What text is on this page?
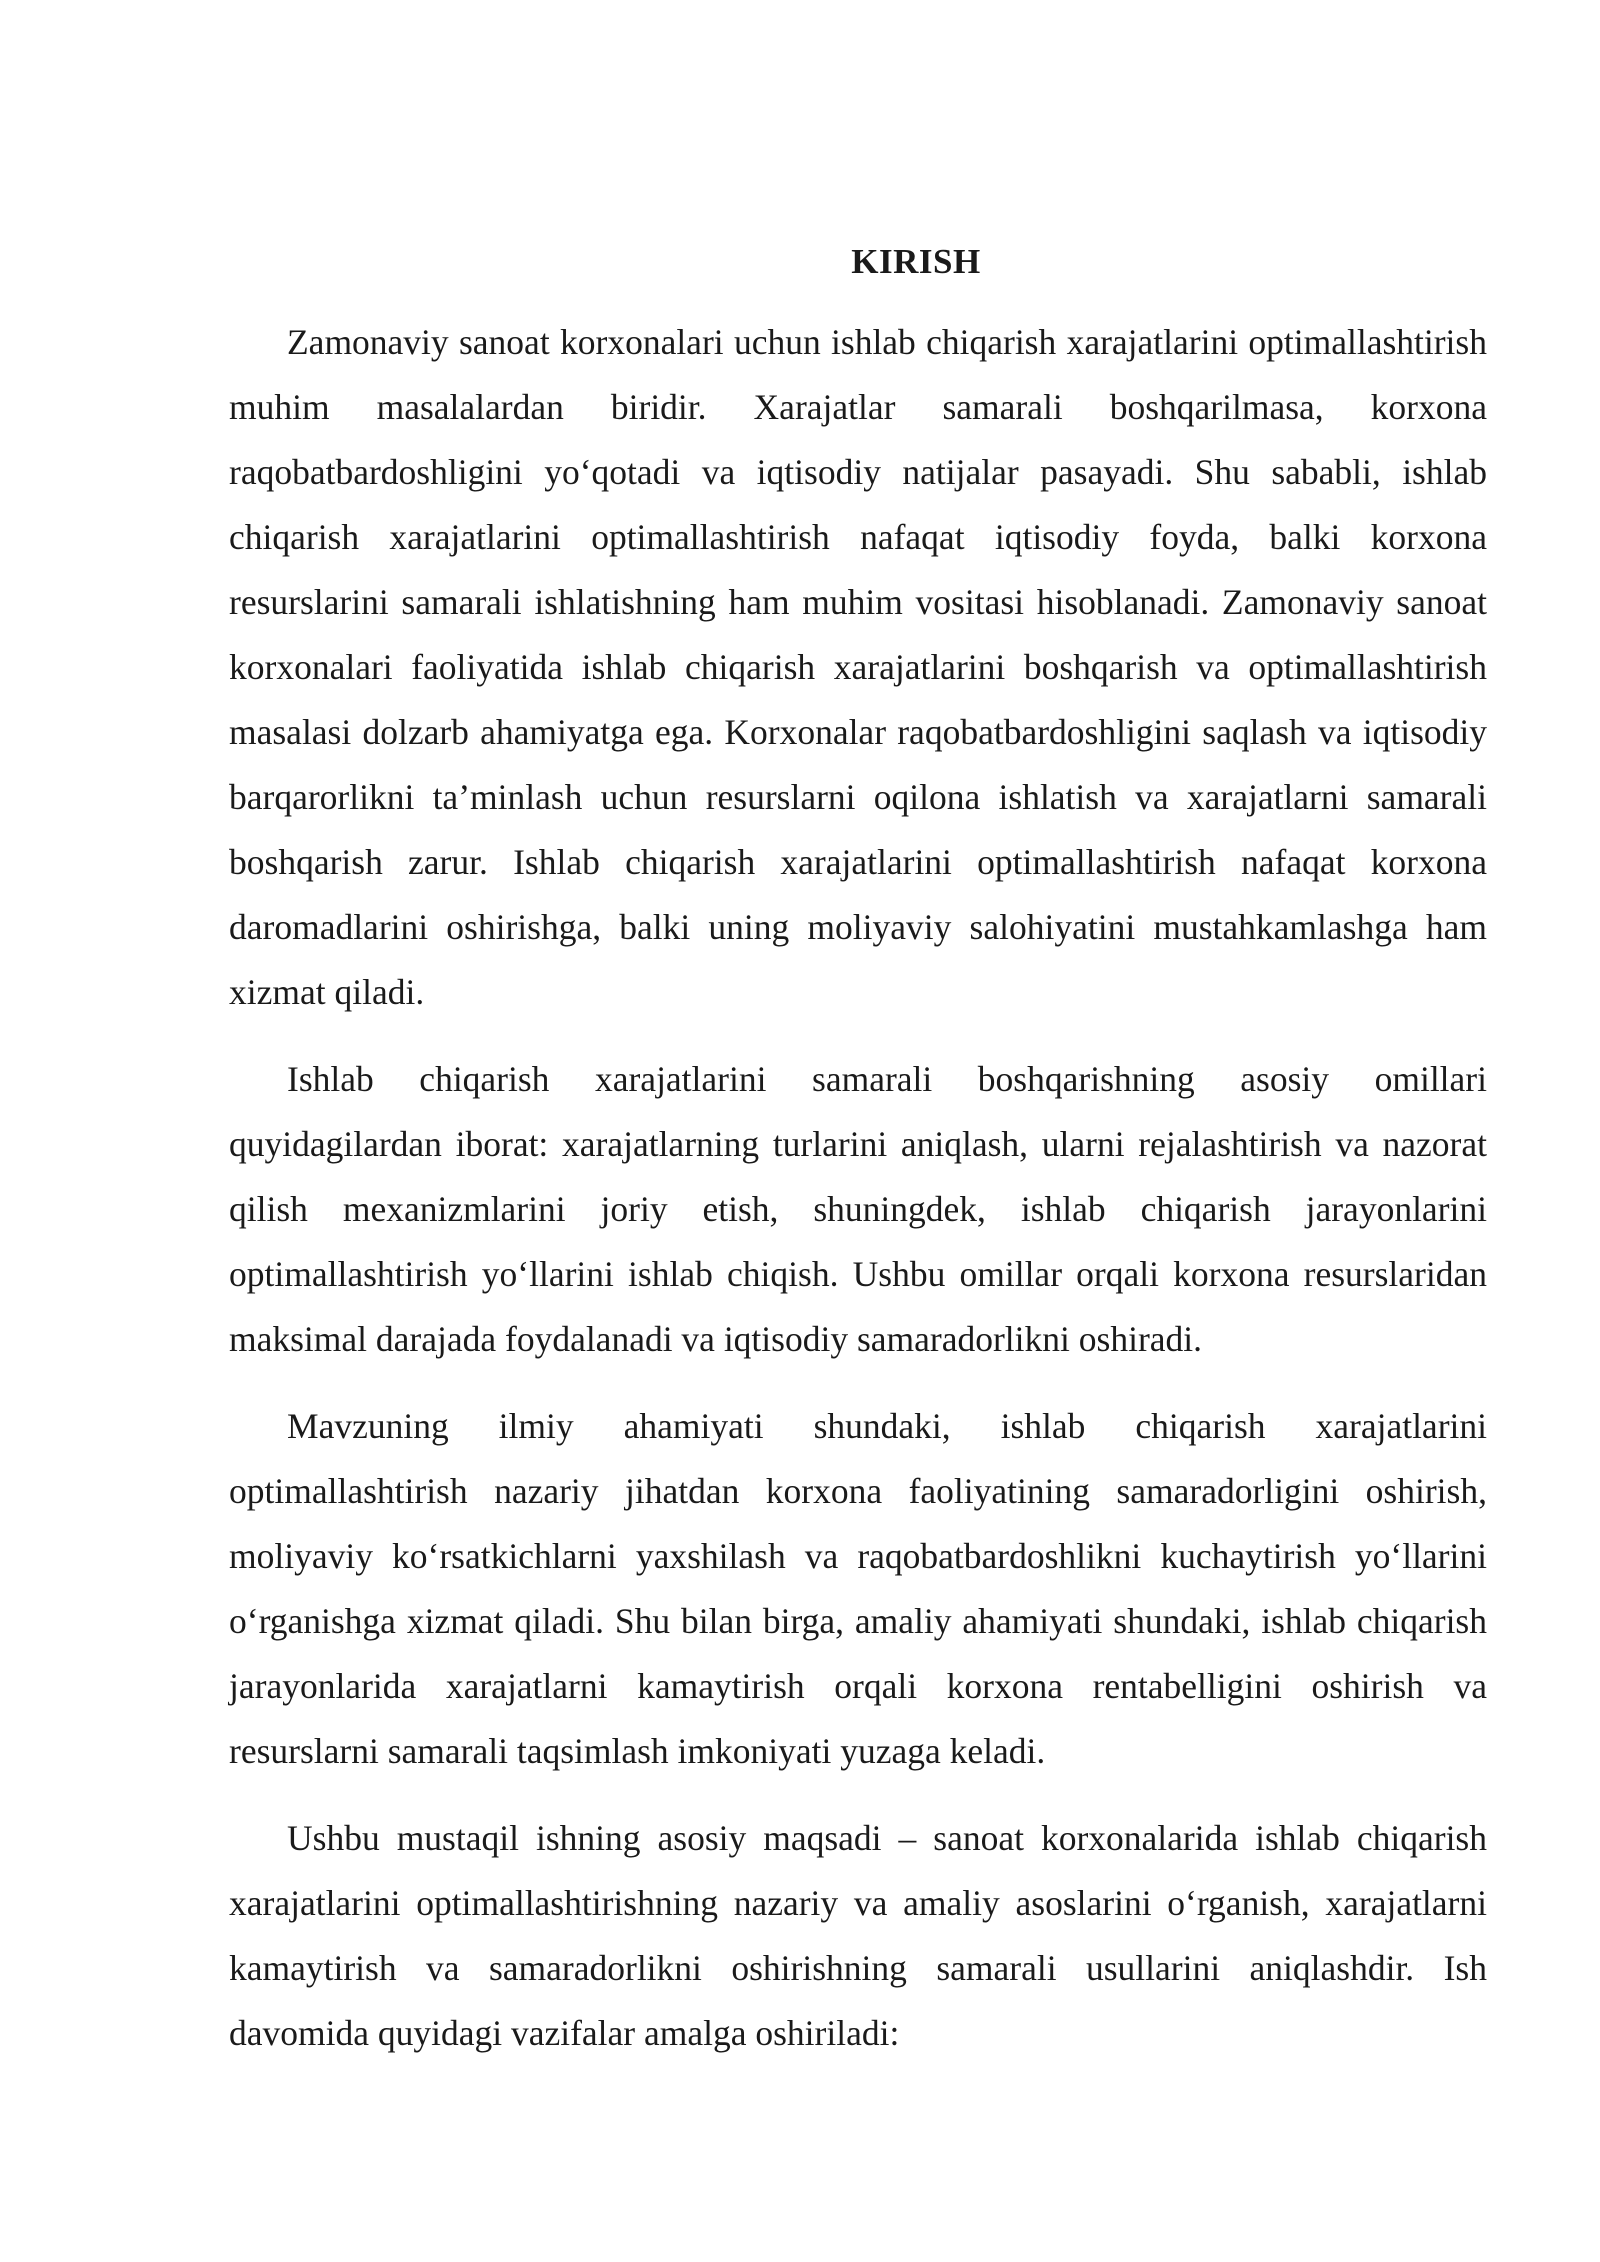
KIRISH

Zamonaviy sanoat korxonalari uchun ishlab chiqarish xarajatlarini optimallashtirish muhim masalalardan biridir. Xarajatlar samarali boshqarilmasa, korxona raqobatbardoshligini yo‘qotadi va iqtisodiy natijalar pasayadi. Shu sababli, ishlab chiqarish xarajatlarini optimallashtirish nafaqat iqtisodiy foyda, balki korxona resurslarini samarali ishlatishning ham muhim vositasi hisoblanadi. Zamonaviy sanoat korxonalari faoliyatida ishlab chiqarish xarajatlarini boshqarish va optimallashtirish masalasi dolzarb ahamiyatga ega. Korxonalar raqobatbardoshligini saqlash va iqtisodiy barqarorlikni ta’minlash uchun resurslarni oqilona ishlatish va xarajatlarni samarali boshqarish zarur. Ishlab chiqarish xarajatlarini optimallashtirish nafaqat korxona daromadlarini oshirishga, balki uning moliyaviy salohiyatini mustahkamlashga ham xizmat qiladi.

Ishlab chiqarish xarajatlarini samarali boshqarishning asosiy omillari quyidagilardan iborat: xarajatlarning turlarini aniqlash, ularni rejalashtirish va nazorat qilish mexanizmlarini joriy etish, shuningdek, ishlab chiqarish jarayonlarini optimallashtirish yo‘llarini ishlab chiqish. Ushbu omillar orqali korxona resurslaridan maksimal darajada foydalanadi va iqtisodiy samaradorlikni oshiradi.

Mavzuning ilmiy ahamiyati shundaki, ishlab chiqarish xarajatlarini optimallashtirish nazariy jihatdan korxona faoliyatining samaradorligini oshirish, moliyaviy ko‘rsatkichlarni yaxshilash va raqobatbardoshlikni kuchaytirish yo‘llarini o‘rganishga xizmat qiladi. Shu bilan birga, amaliy ahamiyati shundaki, ishlab chiqarish jarayonlarida xarajatlarni kamaytirish orqali korxona rentabelligini oshirish va resurslarni samarali taqsimlash imkoniyati yuzaga keladi.

Ushbu mustaqil ishning asosiy maqsadi – sanoat korxonalarida ishlab chiqarish xarajatlarini optimallashtirishning nazariy va amaliy asoslarini o‘rganish, xarajatlarni kamaytirish va samaradorlikni oshirishning samarali usullarini aniqlashdir. Ish davomida quyidagi vazifalar amalga oshiriladi:
